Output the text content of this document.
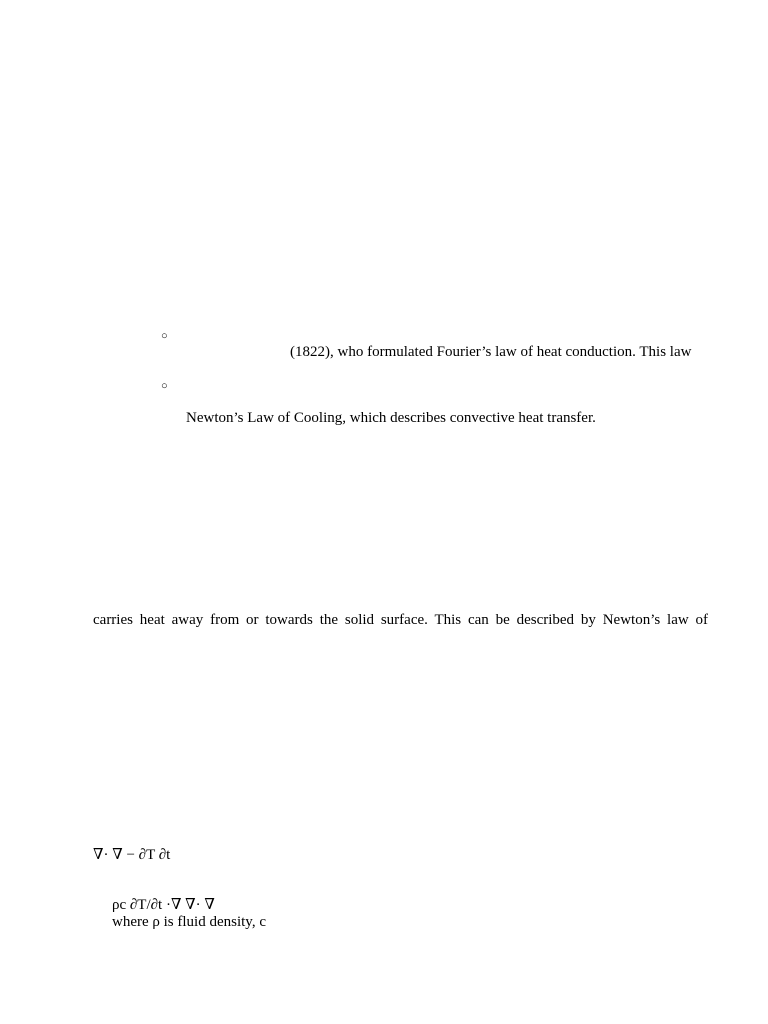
○
(1822), who formulated Fourier’s law of heat conduction. This law
○
Newton’s Law of Cooling, which describes convective heat transfer.
carries heat away from or towards the solid surface. This can be described by Newton’s law of
∇· ∇ − ∂T ∂t
ρc ∂T/∂t ·∇ ∇· ∇
where ρ is fluid density, c
